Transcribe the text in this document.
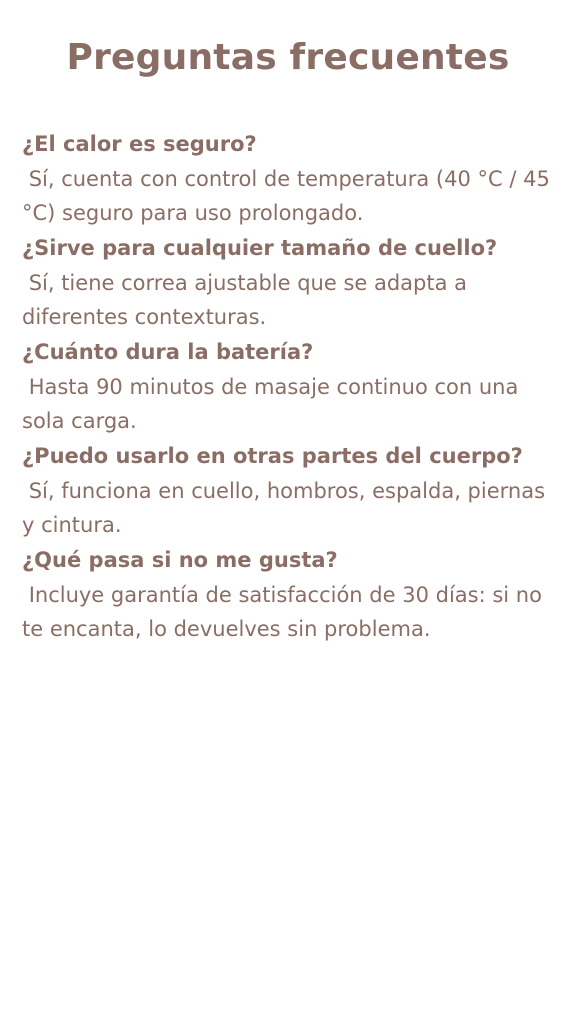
Preguntas frecuentes

¿El calor es seguro?

Sí, cuenta con control de temperatura (40 °C / 45 °C) seguro para uso prolongado.

¿Sirve para cualquier tamaño de cuello?

Sí, tiene correa ajustable que se adapta a diferentes contexturas.

¿Cuánto dura la batería?

Hasta 90 minutos de masaje continuo con una sola carga.

¿Puedo usarlo en otras partes del cuerpo?

Sí, funciona en cuello, hombros, espalda, piernas y cintura.

¿Qué pasa si no me gusta?

Incluye garantía de satisfacción de 30 días: si no te encanta, lo devuelves sin problema.
